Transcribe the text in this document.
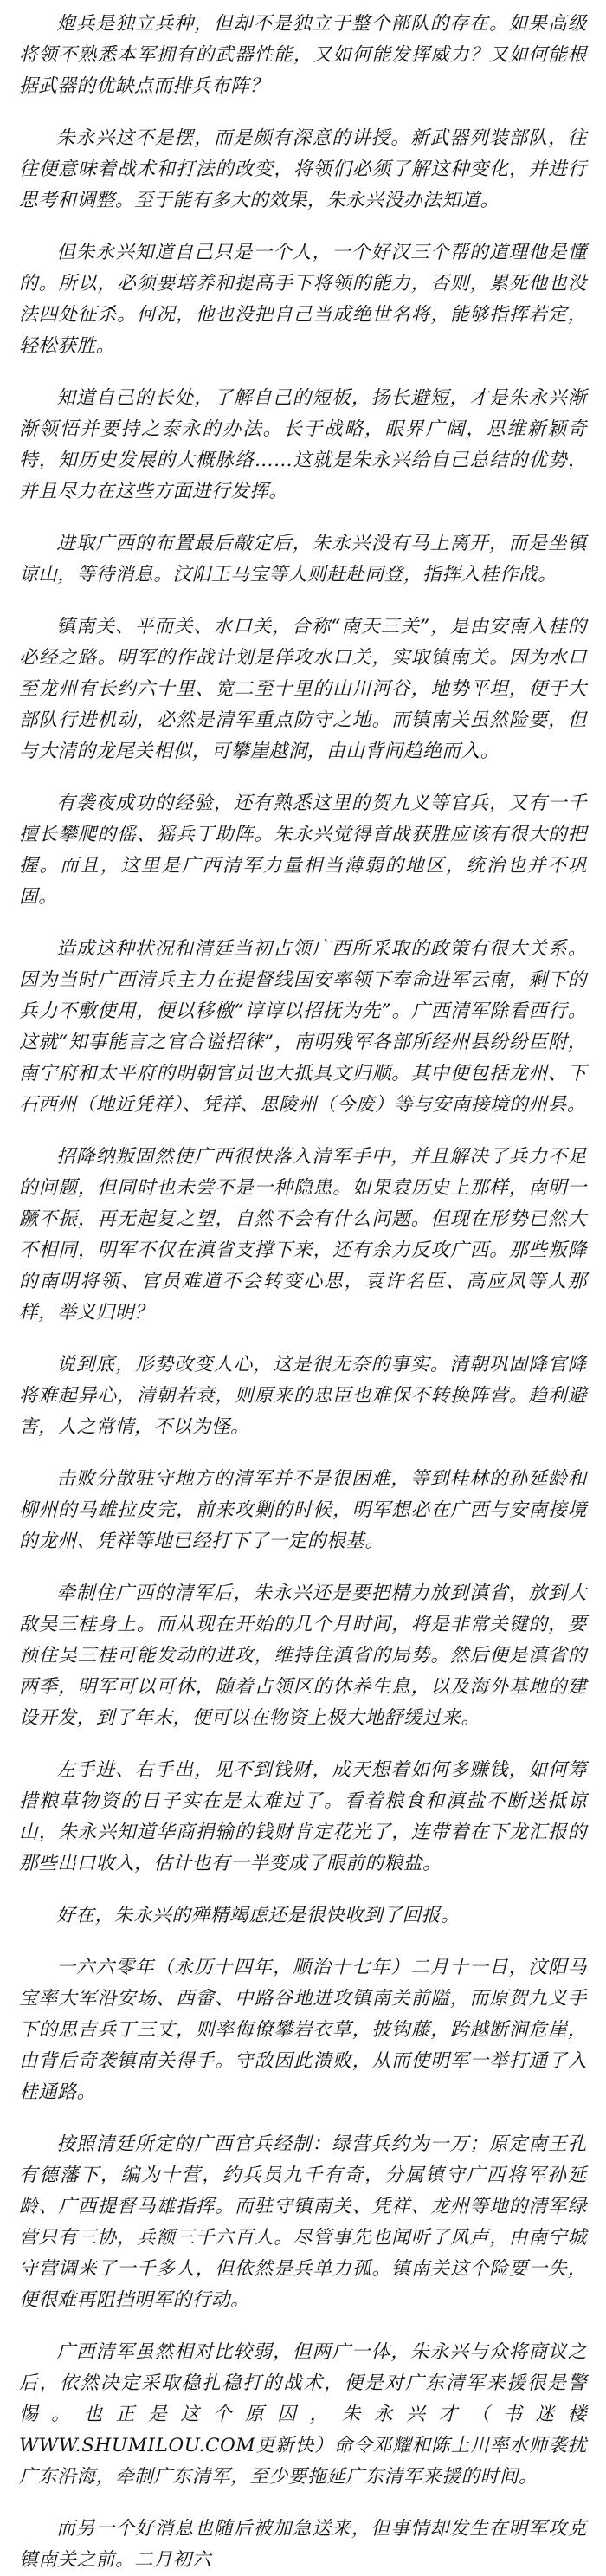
炮兵是独立兵种，但却不是独立于整个部队的存在。如果高级将领不熟悉本军拥有的武器性能，又如何能发挥威力？又如何能根据武器的优缺点而排兵布阵？

朱永兴这不是摆，而是颇有深意的讲授。新武器列装部队，往往便意味着战术和打法的改变，将领们必须了解这种变化，并进行思考和调整。至于能有多大的效果，朱永兴没办法知道。

但朱永兴知道自己只是一个人，一个好汉三个帮的道理他是懂的。所以，必须要培养和提高手下将领的能力，否则，累死他也没法四处征杀。何况，他也没把自己当成绝世名将，能够指挥若定，轻松获胜。

知道自己的长处，了解自己的短板，扬长避短，才是朱永兴渐渐领悟并要持之泰永的办法。长于战略，眼界广阔，思维新颖奇特，知历史发展的大概脉络……这就是朱永兴给自己总结的优势，并且尽力在这些方面进行发挥。

进取广西的布置最后敲定后，朱永兴没有马上离开，而是坐镇谅山，等待消息。汶阳王马宝等人则赶赴同登，指挥入桂作战。

镇南关、平而关、水口关，合称“南天三关”，是由安南入桂的必经之路。明军的作战计划是佯攻水口关，实取镇南关。因为水口至龙州有长约六十里、宽二至十里的山川河谷，地势平坦，便于大部队行进机动，必然是清军重点防守之地。而镇南关虽然险要，但与大清的龙尾关相似，可攀崖越涧，由山背间趋绝而入。

有袭夜成功的经验，还有熟悉这里的贺九义等官兵，又有一千擅长攀爬的傜、猺兵丁助阵。朱永兴觉得首战获胜应该有很大的把握。而且，这里是广西清军力量相当薄弱的地区，统治也并不巩固。

造成这种状况和清廷当初占领广西所采取的政策有很大关系。因为当时广西清兵主力在提督线国安率领下奉命进军云南，剩下的兵力不敷使用，便以移檄“谆谆以招抚为先”。广西清军除看西行。这就“知事能言之官合谥招徕”，南明残军各部所经州县纷纷臣附，南宁府和太平府的明朝官员也大抵具文归顺。其中便包括龙州、下石西州（地近凭祥）、凭祥、思陵州（今废）等与安南接境的州县。

招降纳叛固然使广西很快落入清军手中，并且解决了兵力不足的问题，但同时也未尝不是一种隐患。如果袁历史上那样，南明一蹶不振，再无起复之望，自然不会有什么问题。但现在形势已然大不相同，明军不仅在滇省支撑下来，还有余力反攻广西。那些叛降的南明将领、官员难道不会转变心思，袁许名臣、高应凤等人那样，举义归明？

说到底，形势改变人心，这是很无奈的事实。清朝巩固降官降将难起异心，清朝若衰，则原来的忠臣也难保不转换阵营。趋利避害，人之常情，不以为怪。

击败分散驻守地方的清军并不是很困难，等到桂林的孙延龄和柳州的马雄拉皮完，前来攻剿的时候，明军想必在广西与安南接境的龙州、凭祥等地已经打下了一定的根基。

牵制住广西的清军后，朱永兴还是要把精力放到滇省，放到大敌吴三桂身上。而从现在开始的几个月时间，将是非常关键的，要预住吴三桂可能发动的进攻，维持住滇省的局势。然后便是滇省的两季，明军可以可休，随着占领区的休养生息，以及海外基地的建设开发，到了年末，便可以在物资上极大地舒缓过来。

左手进、右手出，见不到钱财，成天想着如何多赚钱，如何筹措粮草物资的日子实在是太难过了。看着粮食和滇盐不断送抵谅山，朱永兴知道华商捐输的钱财肯定花光了，连带着在下龙汇报的那些出口收入，估计也有一半变成了眼前的粮盐。

好在，朱永兴的殚精竭虑还是很快收到了回报。

一六六零年（永历十四年，顺治十七年）二月十一日，汶阳马宝率大军沿安场、西畲、中路谷地进攻镇南关前隘，而原贺九义手下的思吉兵丁三丈，则率侮僚攀岩衣草，披钩藤，跨越断涧危崖，由背后奇袭镇南关得手。守敌因此溃败，从而使明军一举打通了入桂通路。

按照清廷所定的广西官兵经制：绿营兵约为一万；原定南王孔有德藩下，编为十营，约兵员九千有奇，分属镇守广西将军孙延龄、广西提督马雄指挥。而驻守镇南关、凭祥、龙州等地的清军绿营只有三协，兵额三千六百人。尽管事先也闻听了风声，由南宁城守营调来了一千多人，但依然是兵单力孤。镇南关这个险要一失，便很难再阻挡明军的行动。

广西清军虽然相对比较弱，但两广一体，朱永兴与众将商议之后，依然决定采取稳扎稳打的战术，便是对广东清军来援很是警惕。也正是这个原因，朱永兴才（书迷楼WWW.SHUMILOU.COM更新快）命令邓耀和陈上川率水师袭扰广东沿海，牵制广东清军，至少要拖延广东清军来援的时间。

而另一个好消息也随后被加急送来，但事情却发生在明军攻克镇南关之前。二月初六
